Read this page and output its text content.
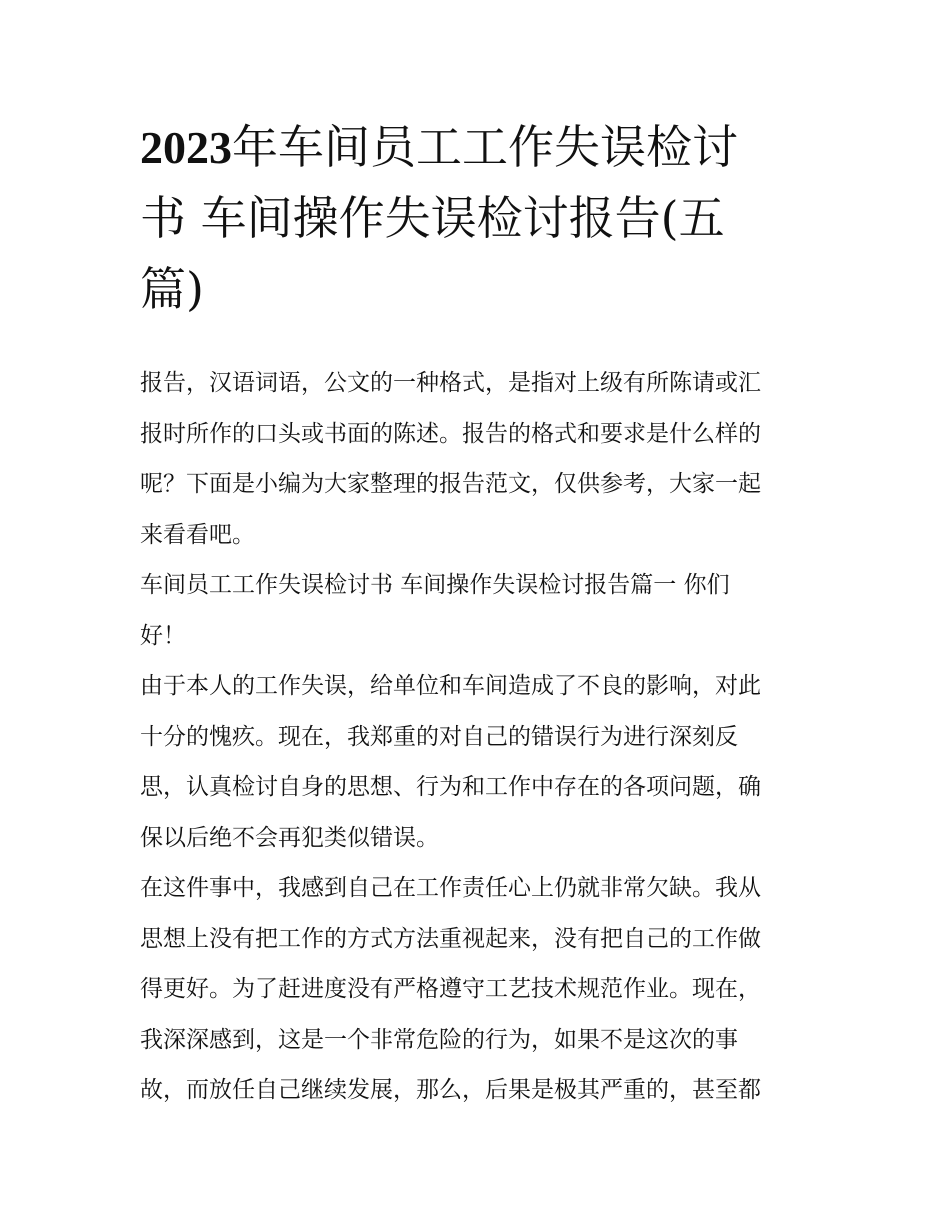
2023年车间员工工作失误检讨
书 车间操作失误检讨报告(五
篇)
报告，汉语词语，公文的一种格式，是指对上级有所陈请或汇
报时所作的口头或书面的陈述。报告的格式和要求是什么样的
呢？下面是小编为大家整理的报告范文，仅供参考，大家一起
来看看吧。
车间员工工作失误检讨书 车间操作失误检讨报告篇一 你们
好！
由于本人的工作失误，给单位和车间造成了不良的影响，对此
十分的愧疚。现在，我郑重的对自己的错误行为进行深刻反
思，认真检讨自身的思想、行为和工作中存在的各项问题，确
保以后绝不会再犯类似错误。
在这件事中，我感到自己在工作责任心上仍就非常欠缺。我从
思想上没有把工作的方式方法重视起来，没有把自己的工作做
得更好。为了赶进度没有严格遵守工艺技术规范作业。现在，
我深深感到，这是一个非常危险的行为，如果不是这次的事
故，而放任自己继续发展，那么，后果是极其严重的，甚至都
